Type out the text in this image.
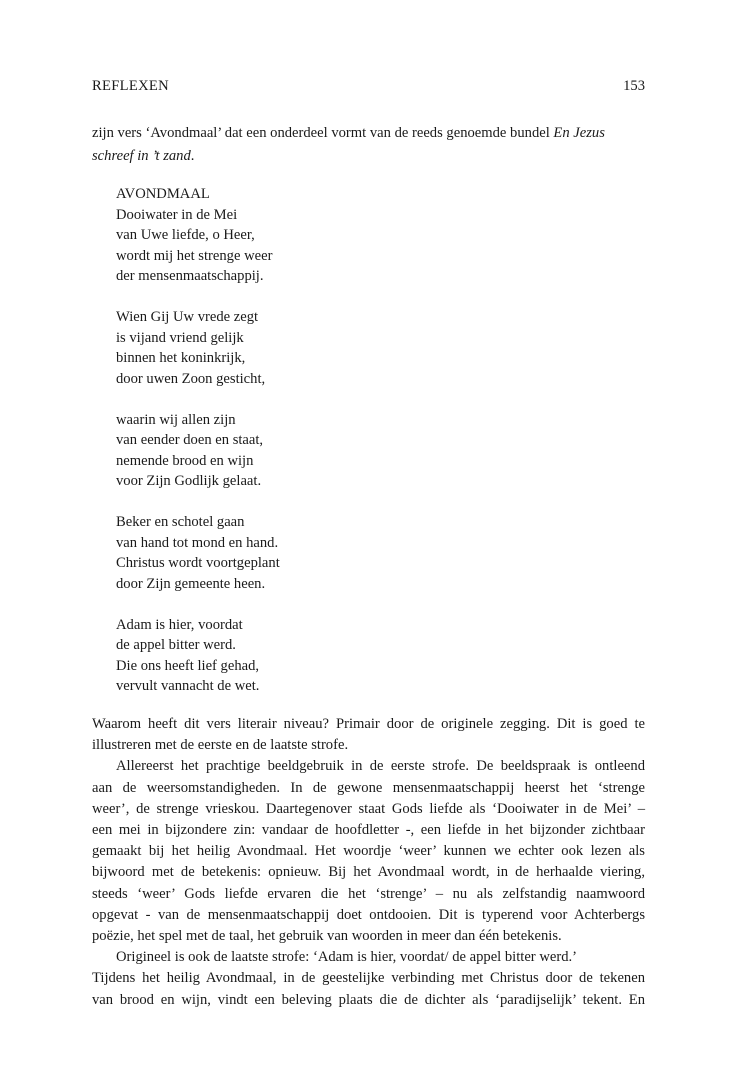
REFLEXEN	153
zijn vers ‘Avondmaal’ dat een onderdeel vormt van de reeds genoemde bundel En Jezus
schreef in ’t zand.
AVONDMAAL
Dooiwater in de Mei
van Uwe liefde, o Heer,
wordt mij het strenge weer
der mensenmaatschappij.
Wien Gij Uw vrede zegt
is vijand vriend gelijk
binnen het koninkrijk,
door uwen Zoon gesticht,
waarin wij allen zijn
van eender doen en staat,
nemende brood en wijn
voor Zijn Godlijk gelaat.
Beker en schotel gaan
van hand tot mond en hand.
Christus wordt voortgeplant
door Zijn gemeente heen.
Adam is hier, voordat
de appel bitter werd.
Die ons heeft lief gehad,
vervult vannacht de wet.
Waarom heeft dit vers literair niveau? Primair door de originele zegging. Dit is goed te
illustreren met de eerste en de laatste strofe.
Allereerst het prachtige beeldgebruik in de eerste strofe. De beeldspraak is ontleend
aan de weersomstandigheden. In de gewone mensenmaatschappij heerst het ‘strenge
weer’, de strenge vrieskou. Daartegenover staat Gods liefde als ‘Dooiwater in de Mei’ –
een mei in bijzondere zin: vandaar de hoofdletter -, een liefde in het bijzonder zichtbaar
gemaakt bij het heilig Avondmaal. Het woordje ‘weer’ kunnen we echter ook lezen als
bijwoord met de betekenis: opnieuw. Bij het Avondmaal wordt, in de herhaalde viering,
steeds ‘weer’ Gods liefde ervaren die het ‘strenge’ – nu als zelfstandig naamwoord
opgevat - van de mensenmaatschappij doet ontdooien. Dit is typerend voor Achterbergs
poëzie, het spel met de taal, het gebruik van woorden in meer dan één betekenis.
Origineel is ook de laatste strofe: ‘Adam is hier, voordat/ de appel bitter werd.’
Tijdens het heilig Avondmaal, in de geestelijke verbinding met Christus door de tekenen
van brood en wijn, vindt een beleving plaats die de dichter als ‘paradijselijk’ tekent. En
